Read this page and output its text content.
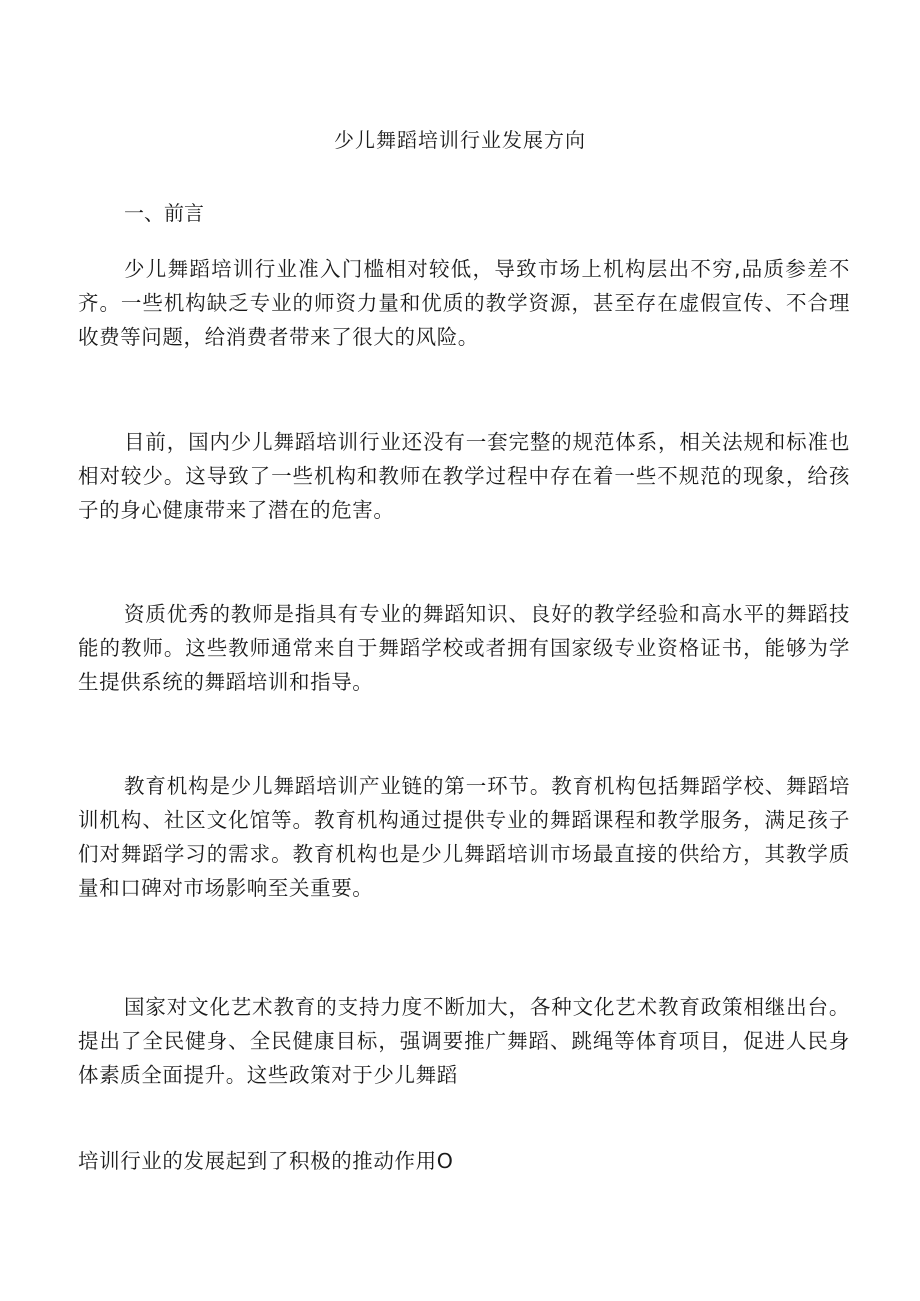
少儿舞蹈培训行业发展方向
一、前言
少儿舞蹈培训行业准入门槛相对较低，导致市场上机构层出不穷,品质参差不齐。一些机构缺乏专业的师资力量和优质的教学资源，甚至存在虚假宣传、不合理收费等问题，给消费者带来了很大的风险。
目前，国内少儿舞蹈培训行业还没有一套完整的规范体系，相关法规和标准也相对较少。这导致了一些机构和教师在教学过程中存在着一些不规范的现象，给孩子的身心健康带来了潜在的危害。
资质优秀的教师是指具有专业的舞蹈知识、良好的教学经验和高水平的舞蹈技能的教师。这些教师通常来自于舞蹈学校或者拥有国家级专业资格证书，能够为学生提供系统的舞蹈培训和指导。
教育机构是少儿舞蹈培训产业链的第一环节。教育机构包括舞蹈学校、舞蹈培训机构、社区文化馆等。教育机构通过提供专业的舞蹈课程和教学服务，满足孩子们对舞蹈学习的需求。教育机构也是少儿舞蹈培训市场最直接的供给方，其教学质量和口碑对市场影响至关重要。
国家对文化艺术教育的支持力度不断加大，各种文化艺术教育政策相继出台。提出了全民健身、全民健康目标，强调要推广舞蹈、跳绳等体育项目，促进人民身体素质全面提升。这些政策对于少儿舞蹈
培训行业的发展起到了积极的推动作用O
